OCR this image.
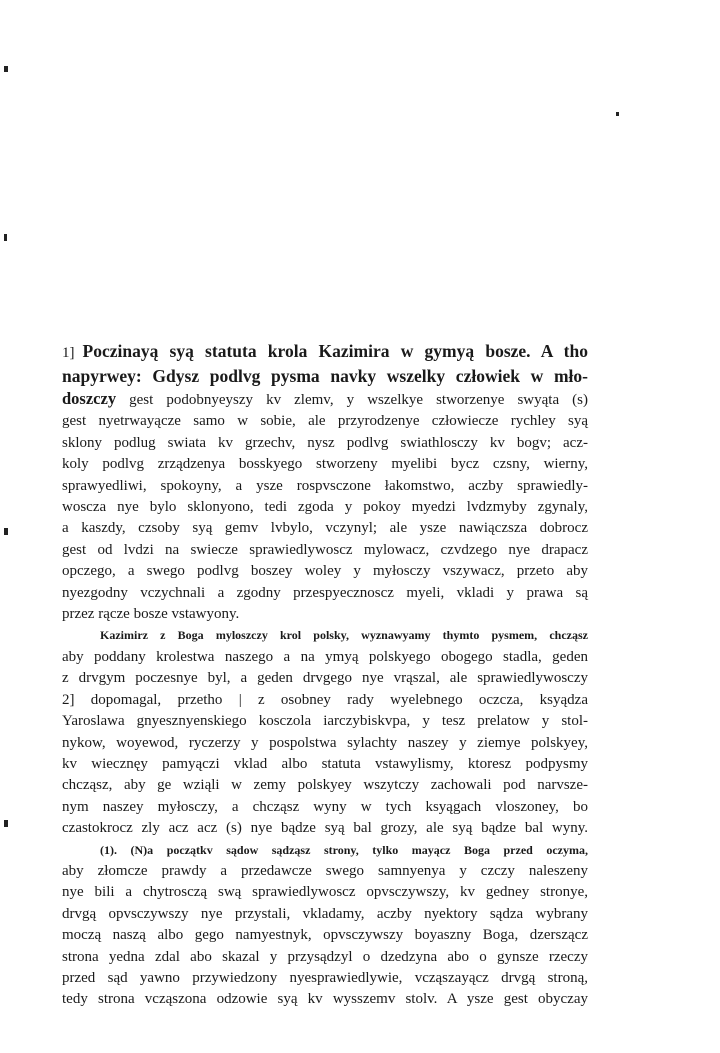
1] Poczinayą syą statuta krola Kazimira w gymyą bosze. A tho
napyrwey: Gdysz podlvg pysma navky wszelky człowiek w mło-
doszczy gest podobnyeyszy kv zlemv, y wszelkye stworzenye swyąta (s)
gest nyetrwayącze samo w sobie, ale przyrodzenye człowiecze rychley syą
sklony podlug swiata kv grzechv, nysz podlvg swiathlosczy kv bogv; acz-
koly podlvg zrządzenya bosskyego stworzeny myelibi bycz czsny, wierny,
sprawyedliwi, spokoyny, a ysze rospvsczone łakomstwo, aczby sprawiedly-
woscza nye bylo sklonyono, tedi zgoda y pokoy myedzi lvdzmyby zgynaly,
a kaszdy, czsoby syą gemv lvbylo, vczynyl; ale ysze nawiączsza dobrocz
gest od lvdzi na swiecze sprawiedlywoscz mylowacz, czvdzego nye drapacz
opczego, a swego podlvg boszey woley y myłosczy vszywacz, przeto aby
nyezgodny vczychnali a zgodny przespyecznoscz myeli, vkladi y prawa są
przez rącze bosze vstawyony.
Kazimirz z Boga myloszczy krol polsky, wyznawyamy thymto pysmem, chcząsz
aby poddany krolestwa naszego a na ymyą polskyego obogego stadla, geden
z drvgym poczesnye byl, a geden drvgego nye vrąszal, ale sprawiedlywosczy
2] dopomagal, przetho | z osobney rady wyelebnego oczcza, ksyądza
Yaroslawa gnyesznyenskiego kosczola iarczybiskvpa, y tesz prelatow y stol-
nykow, woyewod, ryczerzy y pospolstwa sylachty naszey y ziemye polskyey,
kv wiecznęy pamyączi vklad albo statuta vstawylismy, ktoresz podpysmy
chcząsz, aby ge wziąli w zemy polskyey wszytczy zachowali pod narvsze-
nym naszey myłosczy, a chcząsz wyny w tych ksyągach vloszoney, bo
czastokrocz zly acz acz (s) nye bądze syą bal grozy, ale syą bądze bal wyny.
(1). (N)a początkv sądow sądząsz strony, tylko mayącz Boga przed oczyma,
aby złomcze prawdy a przedawcze swego samnyenya y czczy naleszeny
nye bili a chytrosczą swą sprawiedlywoscz opvsczywszy, kv gedney stronye,
drvgą opvsczywszy nye przystali, vkladamy, aczby nyektory sądza wybrany
moczą naszą albo gego namyestnyk, opvsczywszy boyaszny Boga, dzerszącz
strona yedna zdal abo skazal y przysądzyl o dzedzyna abo o gynsze rzeczy
przed sąd yawno przywiedzony nyesprawiedlywie, vcząszayącz drvgą stroną,
tedy strona vcząszona odzowie syą kv wysszemv stolv. A ysze gest obyczay
